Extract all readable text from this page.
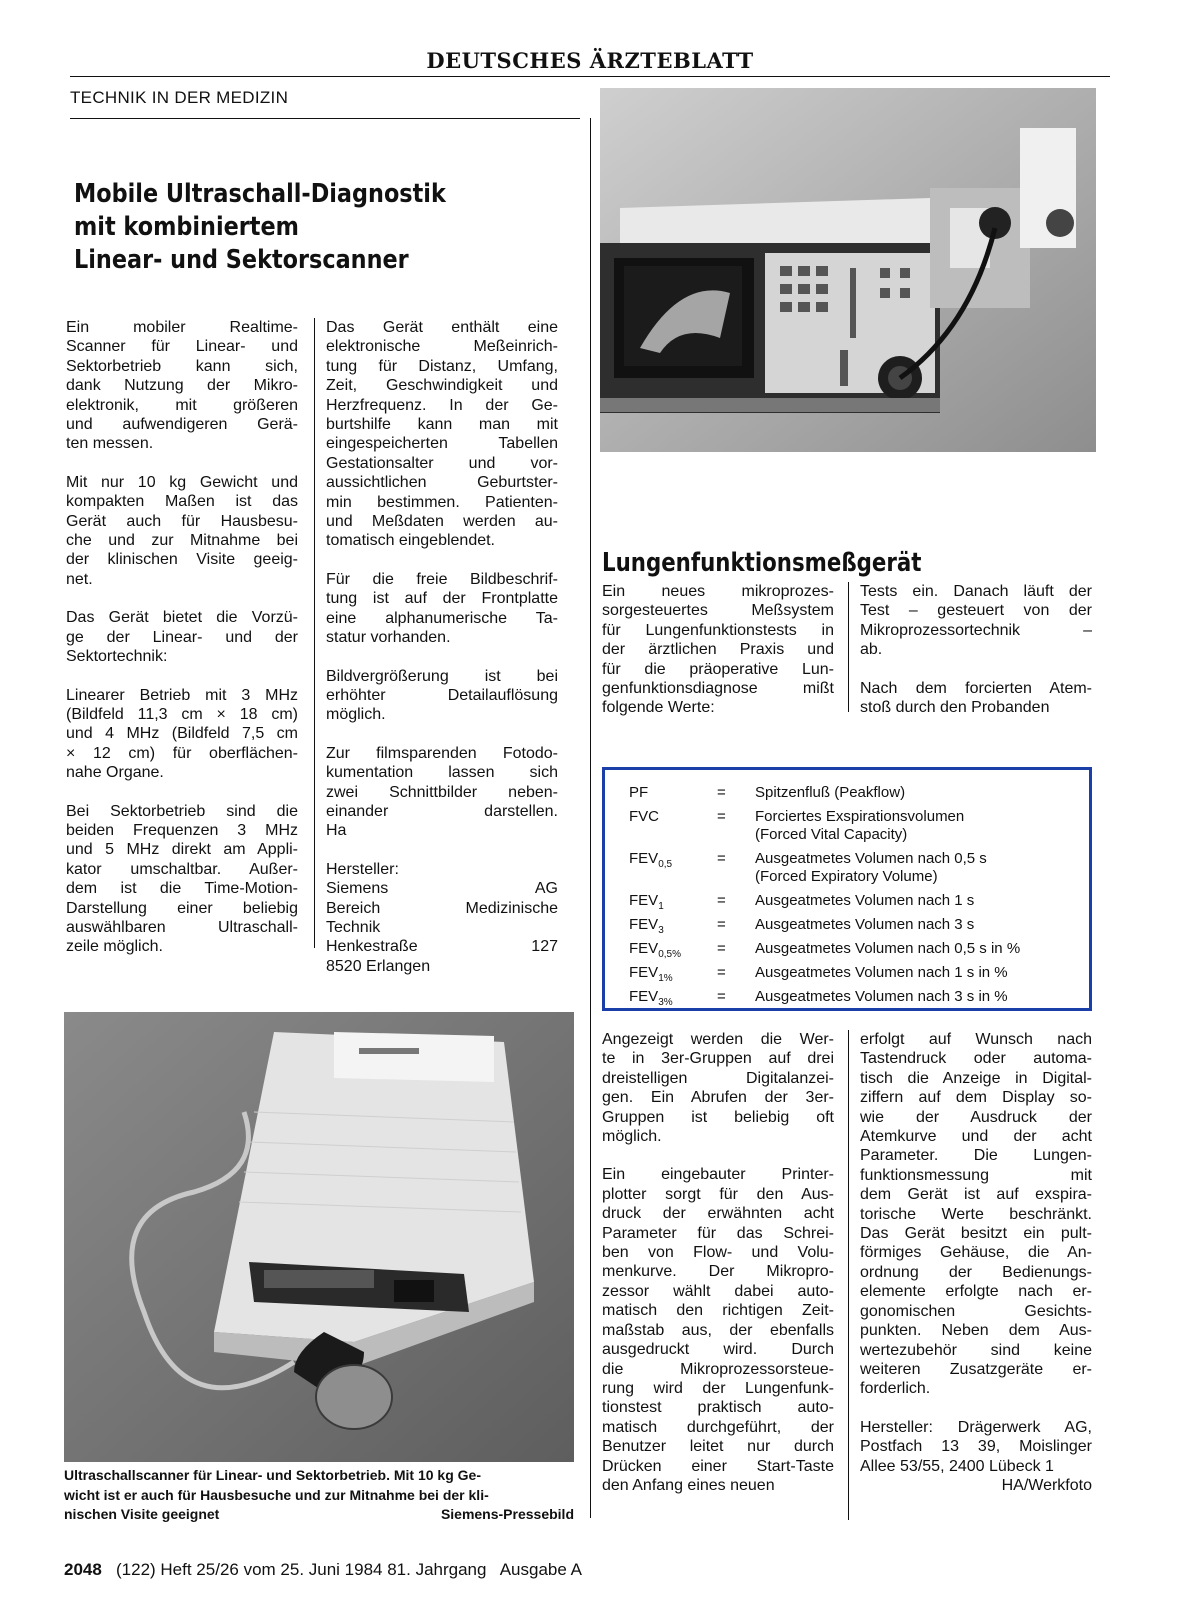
DEUTSCHES ÄRZTEBLATT
TECHNIK IN DER MEDIZIN
Mobile Ultraschall-Diagnostik
mit kombiniertem
Linear- und Sektorscanner

Ein mobiler Realtime-
Scanner für Linear- und
Sektorbetrieb kann sich,
dank Nutzung der Mikro-
elektronik, mit größeren
und aufwendigeren Gerä-
ten messen.

Mit nur 10 kg Gewicht und
kompakten Maßen ist das
Gerät auch für Hausbesu-
che und zur Mitnahme bei
der klinischen Visite geeig-
net.

Das Gerät bietet die Vorzü-
ge der Linear- und der
Sektortechnik:

Linearer Betrieb mit 3 MHz
(Bildfeld 11,3 cm × 18 cm)
und 4 MHz (Bildfeld 7,5 cm
× 12 cm) für oberflächen-
nahe Organe.

Bei Sektorbetrieb sind die
beiden Frequenzen 3 MHz
und 5 MHz direkt am Appli-
kator umschaltbar. Außer-
dem ist die Time-Motion-
Darstellung einer beliebig
auswählbaren Ultraschall-
zeile möglich.

Das Gerät enthält eine
elektronische Meßeinrich-
tung für Distanz, Umfang,
Zeit, Geschwindigkeit und
Herzfrequenz. In der Ge-
burtshilfe kann man mit
eingespeicherten Tabellen
Gestationsalter und vor-
aussichtlichen Geburtster-
min bestimmen. Patienten-
und Meßdaten werden au-
tomatisch eingeblendet.

Für die freie Bildbeschrif-
tung ist auf der Frontplatte
eine alphanumerische Ta-
statur vorhanden.

Bildvergrößerung ist bei
erhöhter Detailauflösung
möglich.

Zur filmsparenden Fotodo-
kumentation lassen sich
zwei Schnittbilder neben-
einander darstellen.
Ha

Hersteller:
Siemens AG
Bereich Medizinische
Technik
Henkestraße 127
8520 Erlangen

Lungenfunktionsmeßgerät

Ein neues mikroprozes-
sorgesteuertes Meßsystem
für Lungenfunktionstests in
der ärztlichen Praxis und
für die präoperative Lun-
genfunktionsdiagnose mißt
folgende Werte:

Tests ein. Danach läuft der
Test – gesteuert von der
Mikroprozessortechnik –
ab.

Nach dem forcierten Atem-
stoß durch den Probanden

PF	= Spitzenfluß (Peakflow)
FVC	= Forciertes Exspirationsvolumen
(Forced Vital Capacity)
$FEV_{0,5}$	= Ausgeatmetes Volumen nach 0,5 s
(Forced Expiratory Volume)
$FEV_1$	= Ausgeatmetes Volumen nach 1 s
$FEV_3$	= Ausgeatmetes Volumen nach 3 s
$FEV_{0,5\%}$ = Ausgeatmetes Volumen nach 0,5 s in %
$FEV_{1\%}$	= Ausgeatmetes Volumen nach 1 s in %
$FEV_{3\%}$	= Ausgeatmetes Volumen nach 3 s in %

Angezeigt werden die Wer-
te in 3er-Gruppen auf drei
dreistelligen Digitalanzei-
gen. Ein Abrufen der 3er-
Gruppen ist beliebig oft
möglich.

Ein eingebauter Printer-
plotter sorgt für den Aus-
druck der erwähnten acht
Parameter für das Schrei-
ben von Flow- und Volu-
menkurve. Der Mikropro-
zessor wählt dabei auto-
matisch den richtigen Zeit-
maßstab aus, der ebenfalls
ausgedruckt wird. Durch
die Mikroprozessorsteue-
rung wird der Lungenfunk-
tionstest praktisch auto-
matisch durchgeführt, der
Benutzer leitet nur durch
Drücken einer Start-Taste
den Anfang eines neuen

erfolgt auf Wunsch nach
Tastendruck oder automa-
tisch die Anzeige in Digital-
ziffern auf dem Display so-
wie der Ausdruck der
Atemkurve und der acht
Parameter. Die Lungen-
funktionsmessung mit
dem Gerät ist auf exspira-
torische Werte beschränkt.
Das Gerät besitzt ein pult-
förmiges Gehäuse, die An-
ordnung der Bedienungs-
elemente erfolgte nach er-
gonomischen Gesichts-
punkten. Neben dem Aus-
wertezubehör sind keine
weiteren Zusatzgeräte er-
forderlich.

Hersteller: Drägerwerk AG,
Postfach 13 39, Moislinger
Allee 53/55, 2400 Lübeck 1

HA/Werkfoto
Ultraschallscanner für Linear- und Sektorbetrieb. Mit 10 kg Ge-
wicht ist er auch für Hausbesuche und zur Mitnahme bei der kli-
nischen Visite geeignet	Siemens-Pressebild
2048 (122) Heft 25/26 vom 25. Juni 1984 81. Jahrgang Ausgabe A
